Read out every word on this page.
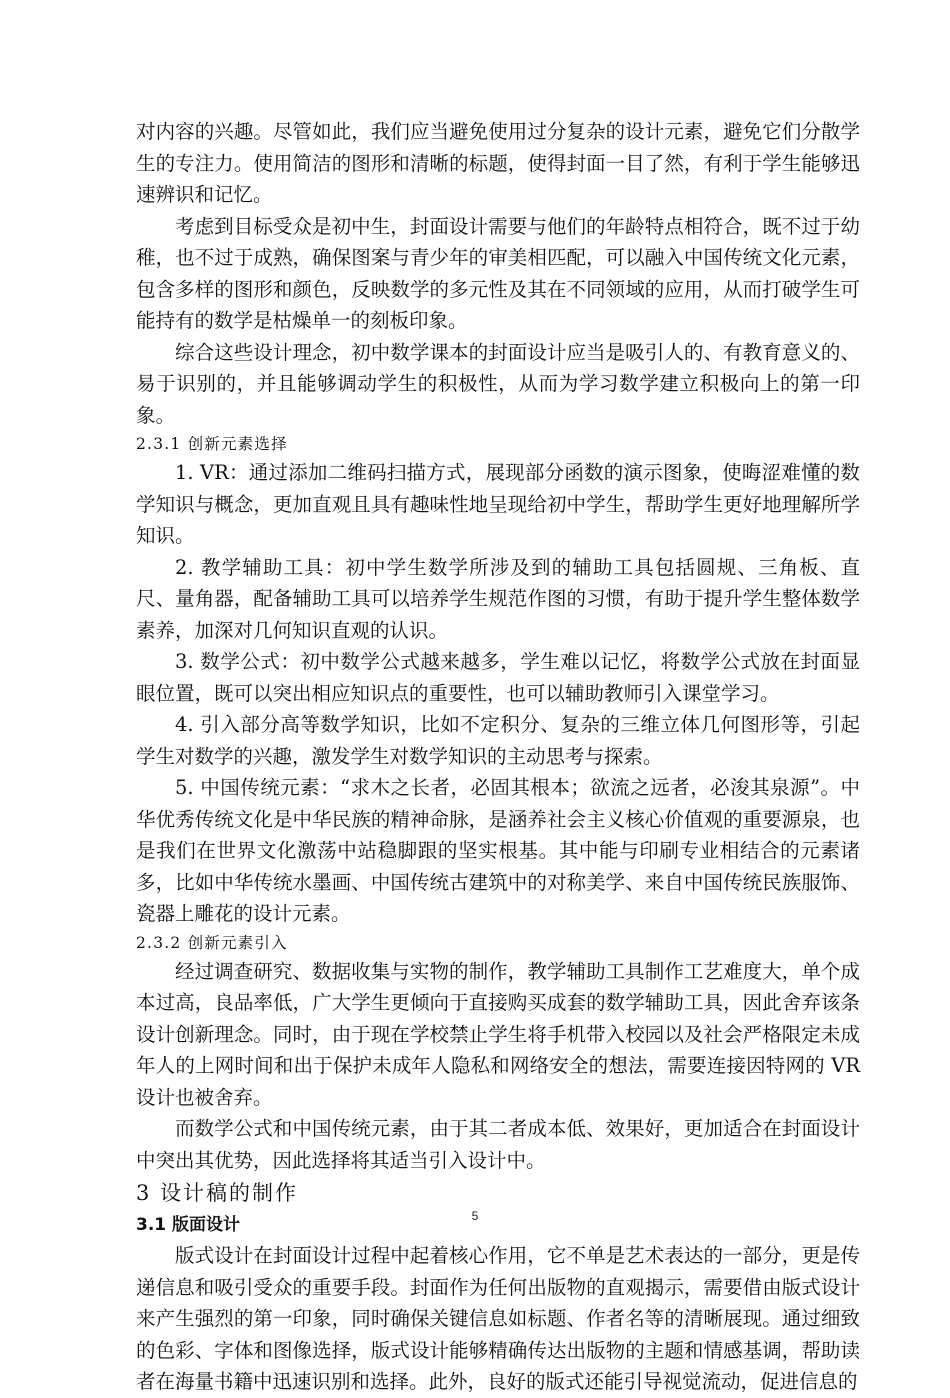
对内容的兴趣。尽管如此，我们应当避免使用过分复杂的设计元素，避免它们分散学生的专注力。使用简洁的图形和清晰的标题，使得封面一目了然，有利于学生能够迅速辨识和记忆。

考虑到目标受众是初中生，封面设计需要与他们的年龄特点相符合，既不过于幼稚，也不过于成熟，确保图案与青少年的审美相匹配，可以融入中国传统文化元素，包含多样的图形和颜色，反映数学的多元性及其在不同领域的应用，从而打破学生可能持有的数学是枯燥单一的刻板印象。

综合这些设计理念，初中数学课本的封面设计应当是吸引人的、有教育意义的、易于识别的，并且能够调动学生的积极性，从而为学习数学建立积极向上的第一印象。

2.3.1 创新元素选择

1. VR：通过添加二维码扫描方式，展现部分函数的演示图象，使晦涩难懂的数学知识与概念，更加直观且具有趣味性地呈现给初中学生，帮助学生更好地理解所学知识。

2. 教学辅助工具：初中学生数学所涉及到的辅助工具包括圆规、三角板、直尺、量角器，配备辅助工具可以培养学生规范作图的习惯，有助于提升学生整体数学素养，加深对几何知识直观的认识。

3. 数学公式：初中数学公式越来越多，学生难以记忆，将数学公式放在封面显眼位置，既可以突出相应知识点的重要性，也可以辅助教师引入课堂学习。

4. 引入部分高等数学知识，比如不定积分、复杂的三维立体几何图形等，引起学生对数学的兴趣，激发学生对数学知识的主动思考与探索。

5. 中国传统元素：“求木之长者，必固其根本；欲流之远者，必浚其泉源”。中华优秀传统文化是中华民族的精神命脉，是涵养社会主义核心价值观的重要源泉，也是我们在世界文化激荡中站稳脚跟的坚实根基。其中能与印刷专业相结合的元素诸多，比如中华传统水墨画、中国传统古建筑中的对称美学、来自中国传统民族服饰、瓷器上雕花的设计元素。

2.3.2 创新元素引入

经过调查研究、数据收集与实物的制作，教学辅助工具制作工艺难度大，单个成本过高，良品率低，广大学生更倾向于直接购买成套的数学辅助工具，因此舍弃该条设计创新理念。同时，由于现在学校禁止学生将手机带入校园以及社会严格限定未成年人的上网时间和出于保护未成年人隐私和网络安全的想法，需要连接因特网的 VR 设计也被舍弃。

而数学公式和中国传统元素，由于其二者成本低、效果好，更加适合在封面设计中突出其优势，因此选择将其适当引入设计中。

3 设计稿的制作
3.1 版面设计

版式设计在封面设计过程中起着核心作用，它不单是艺术表达的一部分，更是传递信息和吸引受众的重要手段。封面作为任何出版物的直观揭示，需要借由版式设计来产生强烈的第一印象，同时确保关键信息如标题、作者名等的清晰展现。通过细致的色彩、字体和图像选择，版式设计能够精确传达出版物的主题和情感基调，帮助读者在海量书籍中迅速识别和选择。此外，良好的版式还能引导视觉流动，促进信息的

5
